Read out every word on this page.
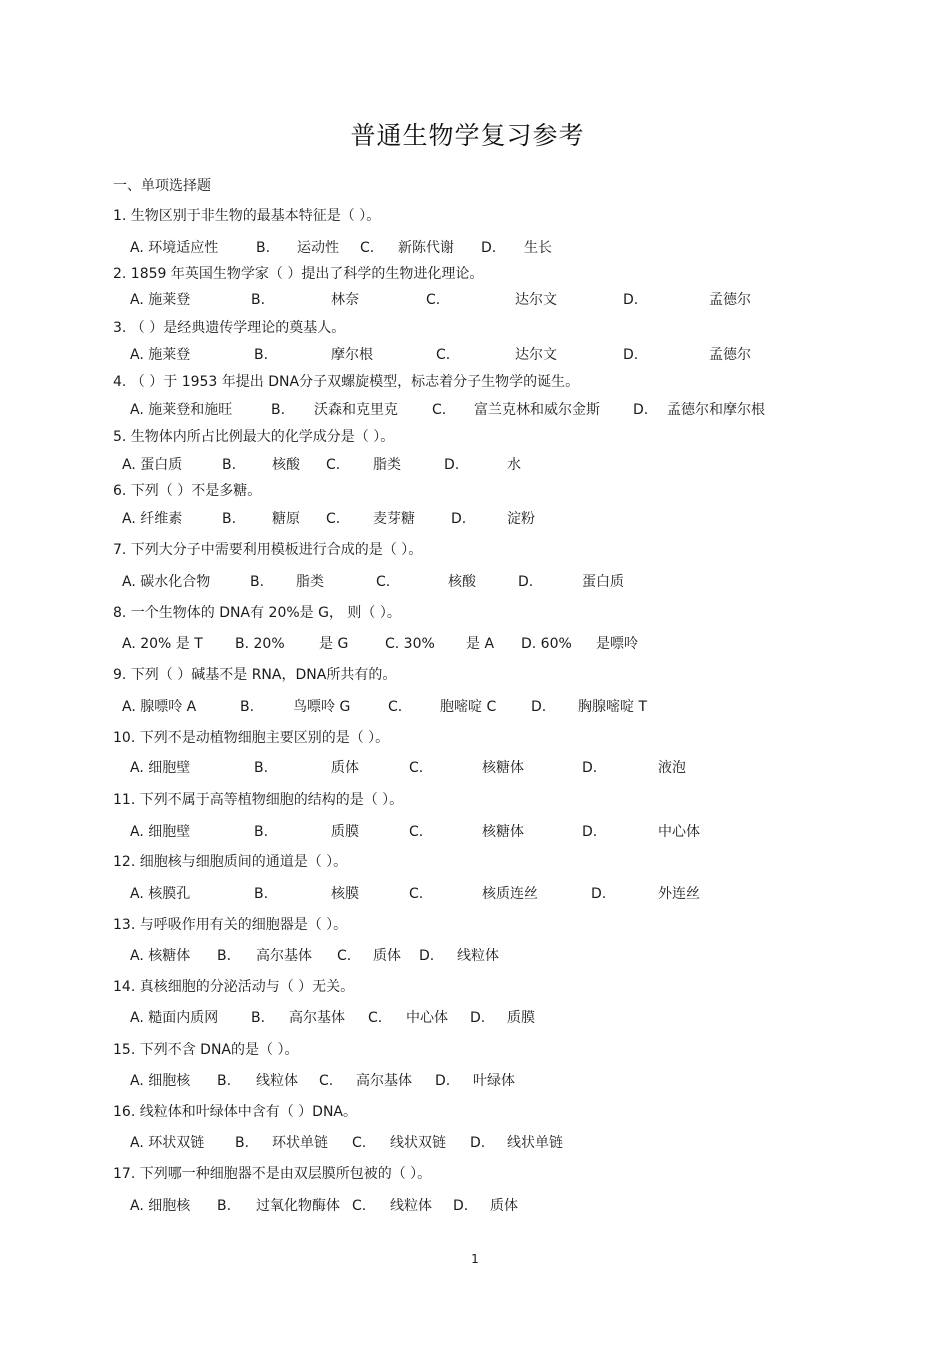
普通生物学复习参考
一、单项选择题
1. 生物区别于非生物的最基本特征是（ ）。
A. 环境适应性	B. 运动性 C. 新陈代谢 D. 生长
2. 1859 年英国生物学家（ ）提出了科学的生物进化理论。
A. 施莱登	B.	林奈	C.	达尔文	D.	孟德尔
3. （ ）是经典遗传学理论的奠基人。
A. 施莱登	B.	摩尔根	C.	达尔文	D.	孟德尔
4. （ ）于 1953 年提出 DNA分子双螺旋模型，标志着分子生物学的诞生。
A. 施莱登和施旺	B. 沃森和克里克 C. 富兰克林和威尔金斯 D. 孟德尔和摩尔根
5. 生物体内所占比例最大的化学成分是（ ）。
A. 蛋白质	B.	核酸 C. 脂类	D.	水
6. 下列（ ）不是多糖。
A. 纤维素	B.	糖原 C. 麦芽糖	D.	淀粉
7. 下列大分子中需要利用模板进行合成的是（ ）。
A. 碳水化合物	B. 脂类	C.	核酸	D.	蛋白质
8. 一个生物体的 DNA有 20%是 G， 则（ ）。
A. 20% 是 T B. 20% 是 G	C. 30% 是 A D. 60% 是嘌呤
9. 下列（ ）碱基不是 RNA，DNA所共有的。
A. 腺嘌呤 A	B.	鸟嘌呤 G	C.	胞嘧啶 C D. 胸腺嘧啶 T
10. 下列不是动植物细胞主要区别的是（ ）。
A. 细胞壁	B.	质体	C.	核糖体	D.	液泡
11. 下列不属于高等植物细胞的结构的是（ ）。
A. 细胞壁	B.	质膜	C.	核糖体	D.	中心体
12. 细胞核与细胞质间的通道是（ ）。
A. 核膜孔	B.	核膜	C.	核质连丝	D.	外连丝
13. 与呼吸作用有关的细胞器是（ ）。
A. 核糖体 B. 高尔基体 C. 质体 D. 线粒体
14. 真核细胞的分泌活动与（ ）无关。
A. 糙面内质网 B. 高尔基体 C. 中心体 D. 质膜
15. 下列不含 DNA的是（ ）。
A. 细胞核 B. 线粒体 C. 高尔基体 D. 叶绿体
16. 线粒体和叶绿体中含有（ ）DNA。
A. 环状双链 B. 环状单链 C. 线状双链 D. 线状单链
17. 下列哪一种细胞器不是由双层膜所包被的（ ）。
A. 细胞核 B. 过氧化物酶体 C. 线粒体 D. 质体
1
